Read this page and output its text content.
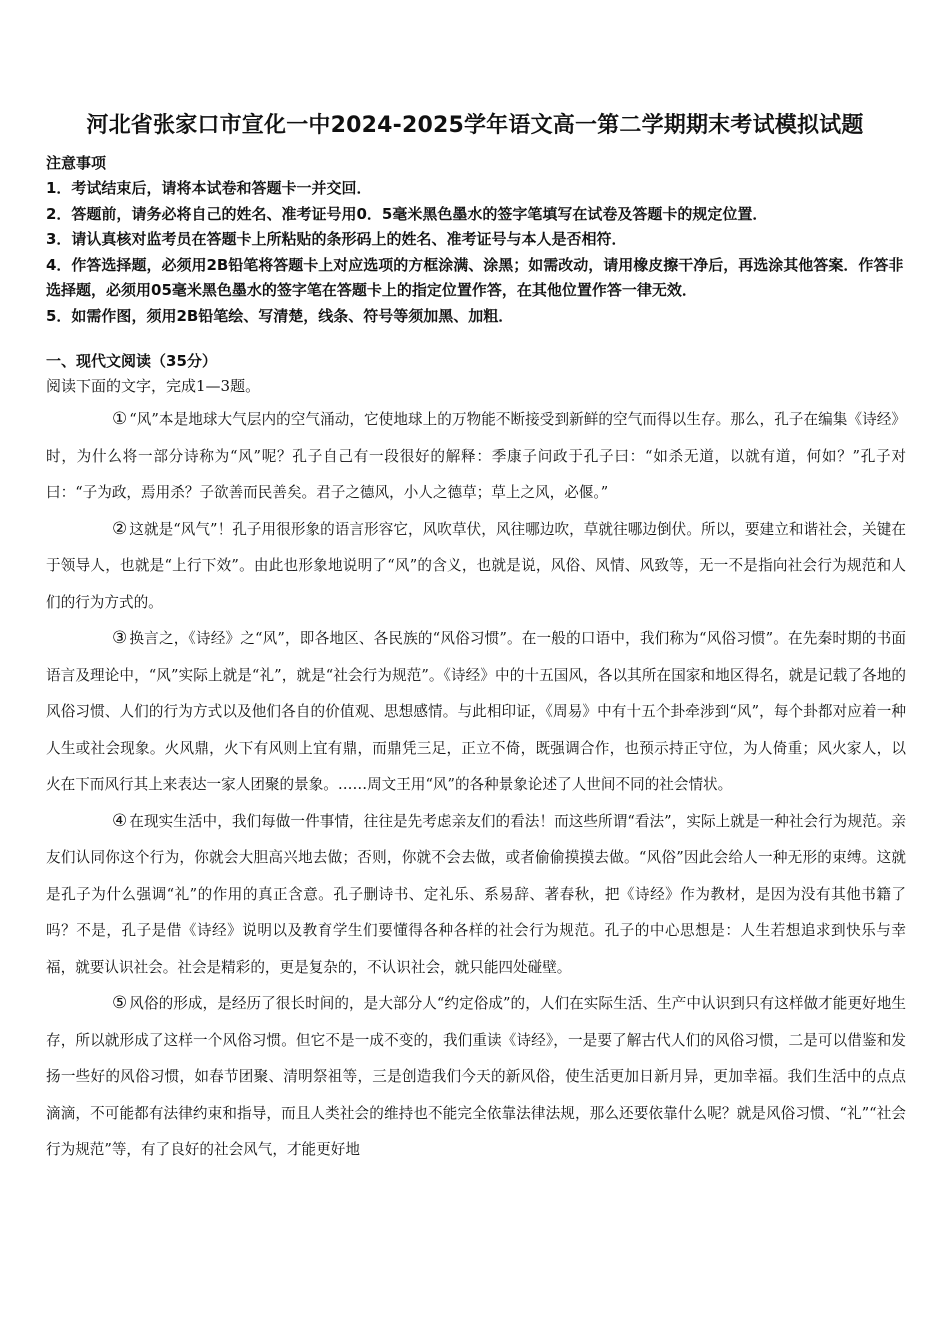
河北省张家口市宣化一中2024-2025学年语文高一第二学期期末考试模拟试题
注意事项

1．考试结束后，请将本试卷和答题卡一并交回．

2．答题前，请务必将自己的姓名、准考证号用0．5毫米黑色墨水的签字笔填写在试卷及答题卡的规定位置．

3．请认真核对监考员在答题卡上所粘贴的条形码上的姓名、准考证号与本人是否相符．

4．作答选择题，必须用2B铅笔将答题卡上对应选项的方框涂满、涂黑；如需改动，请用橡皮擦干净后，再选涂其他答案．作答非选择题，必须用05毫米黑色墨水的签字笔在答题卡上的指定位置作答，在其他位置作答一律无效．

5．如需作图，须用2B铅笔绘、写清楚，线条、符号等须加黑、加粗．

一、现代文阅读（35分）
阅读下面的文字，完成1—3题。

① “风”本是地球大气层内的空气涌动，它使地球上的万物能不断接受到新鲜的空气而得以生存。那么，孔子在编集《诗经》时，为什么将一部分诗称为“风”呢？孔子自己有一段很好的解释：季康子问政于孔子曰：“如杀无道，以就有道，何如？”孔子对曰：“子为政，焉用杀？子欲善而民善矣。君子之德风，小人之德草；草上之风，必偃。”

② 这就是“风气”！孔子用很形象的语言形容它，风吹草伏，风往哪边吹，草就往哪边倒伏。所以，要建立和谐社会，关键在于领导人，也就是“上行下效”。由此也形象地说明了“风”的含义，也就是说，风俗、风情、风致等，无一不是指向社会行为规范和人们的行为方式的。

③ 换言之，《诗经》之“风”，即各地区、各民族的“风俗习惯”。在一般的口语中，我们称为“风俗习惯”。在先秦时期的书面语言及理论中，“风”实际上就是“礼”，就是“社会行为规范”。《诗经》中的十五国风，各以其所在国家和地区得名，就是记载了各地的风俗习惯、人们的行为方式以及他们各自的价值观、思想感情。与此相印证，《周易》中有十五个卦牵涉到“风”，每个卦都对应着一种人生或社会现象。火风鼎，火下有风则上宜有鼎，而鼎凭三足，正立不倚，既强调合作，也预示持正守位，为人倚重；风火家人，以火在下而风行其上来表达一家人团聚的景象。……周文王用“风”的各种景象论述了人世间不同的社会情状。

④ 在现实生活中，我们每做一件事情，往往是先考虑亲友们的看法！而这些所谓“看法”，实际上就是一种社会行为规范。亲友们认同你这个行为，你就会大胆高兴地去做；否则，你就不会去做，或者偷偷摸摸去做。“风俗”因此会给人一种无形的束缚。这就是孔子为什么强调“礼”的作用的真正含意。孔子删诗书、定礼乐、系易辞、著春秋，把《诗经》作为教材，是因为没有其他书籍了吗？不是，孔子是借《诗经》说明以及教育学生们要懂得各种各样的社会行为规范。孔子的中心思想是：人生若想追求到快乐与幸福，就要认识社会。社会是精彩的，更是复杂的，不认识社会，就只能四处碰壁。

⑤ 风俗的形成，是经历了很长时间的，是大部分人“约定俗成”的，人们在实际生活、生产中认识到只有这样做才能更好地生存，所以就形成了这样一个风俗习惯。但它不是一成不变的，我们重读《诗经》，一是要了解古代人们的风俗习惯，二是可以借鉴和发扬一些好的风俗习惯，如春节团聚、清明祭祖等，三是创造我们今天的新风俗，使生活更加日新月异，更加幸福。我们生活中的点点滴滴，不可能都有法律约束和指导，而且人类社会的维持也不能完全依靠法律法规，那么还要依靠什么呢？就是风俗习惯、“礼”“社会行为规范”等，有了良好的社会风气，才能更好地
